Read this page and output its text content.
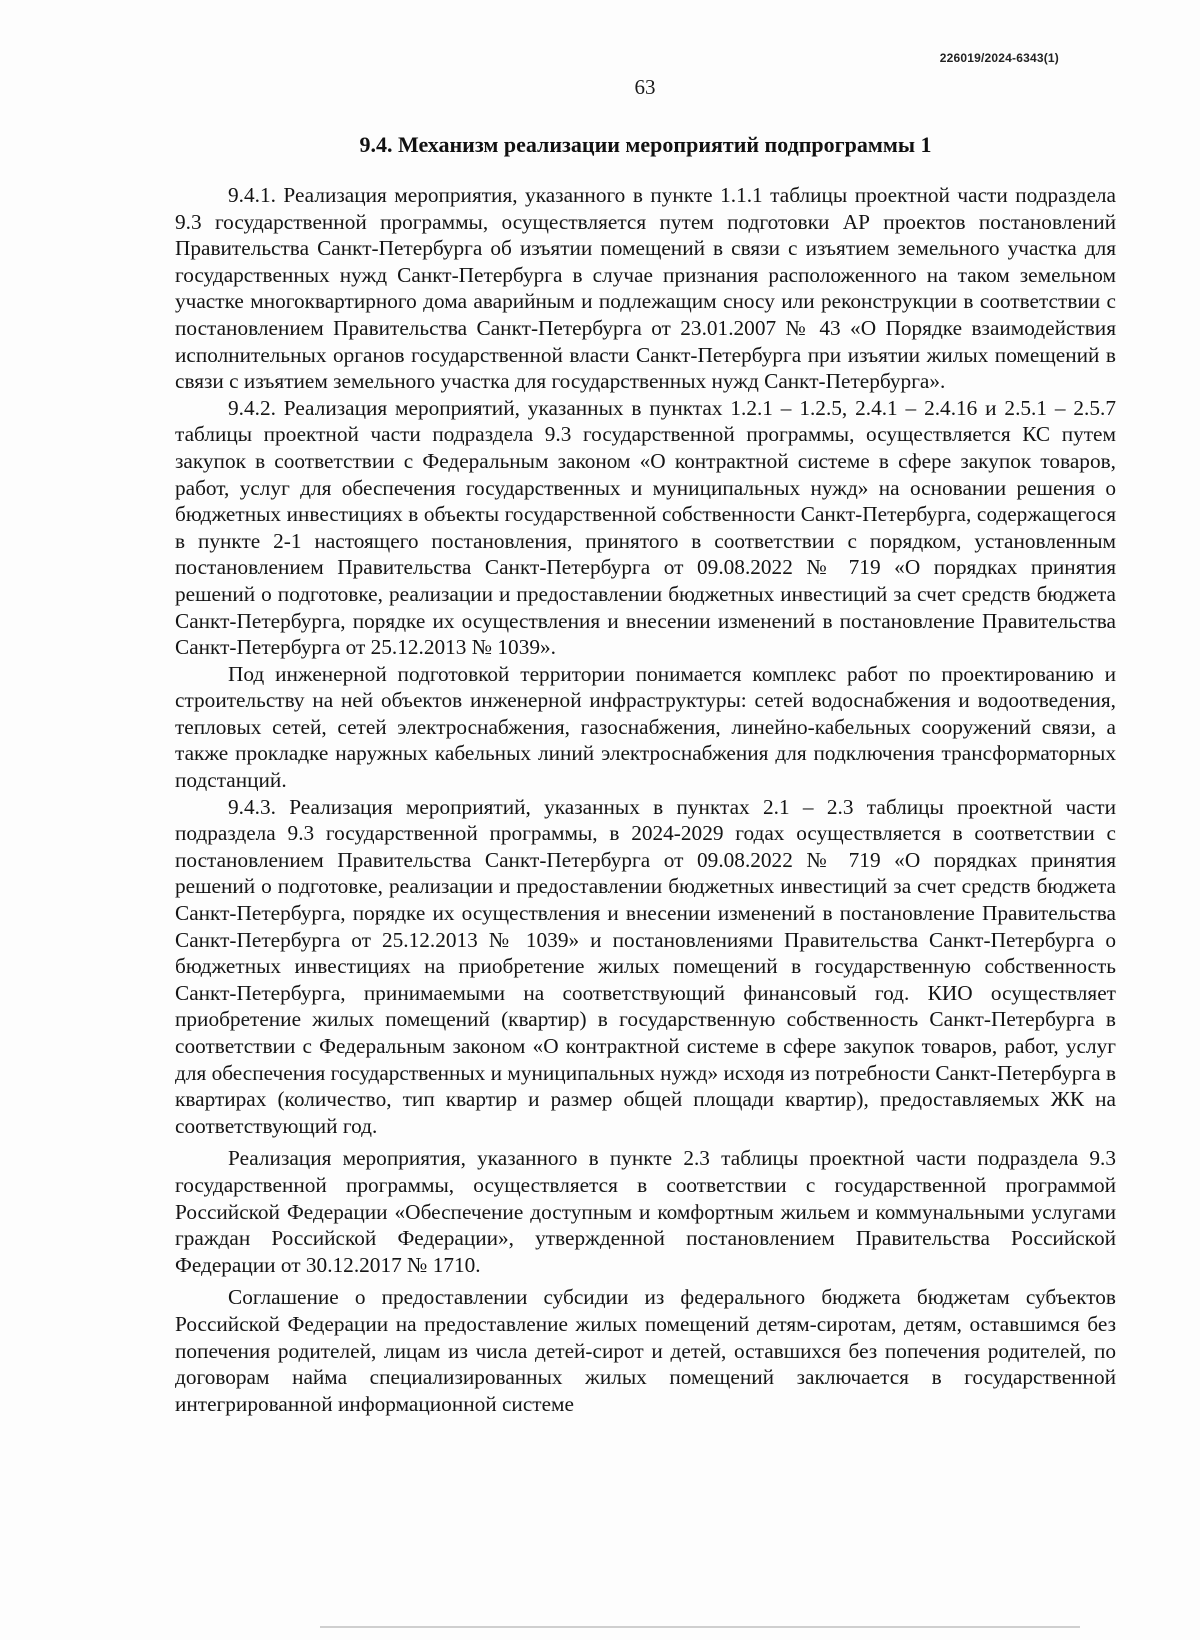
226019/2024-6343(1)
63
9.4. Механизм реализации мероприятий подпрограммы 1

9.4.1. Реализация мероприятия, указанного в пункте 1.1.1 таблицы проектной части подраздела 9.3 государственной программы, осуществляется путем подготовки АР проектов постановлений Правительства Санкт-Петербурга об изъятии помещений в связи с изъятием земельного участка для государственных нужд Санкт-Петербурга в случае признания расположенного на таком земельном участке многоквартирного дома аварийным и подлежащим сносу или реконструкции в соответствии с постановлением Правительства Санкт-Петербурга от 23.01.2007 № 43 «О Порядке взаимодействия исполнительных органов государственной власти Санкт-Петербурга при изъятии жилых помещений в связи с изъятием земельного участка для государственных нужд Санкт-Петербурга».

9.4.2. Реализация мероприятий, указанных в пунктах 1.2.1 – 1.2.5, 2.4.1 – 2.4.16 и 2.5.1 – 2.5.7 таблицы проектной части подраздела 9.3 государственной программы, осуществляется КС путем закупок в соответствии с Федеральным законом «О контрактной системе в сфере закупок товаров, работ, услуг для обеспечения государственных и муниципальных нужд» на основании решения о бюджетных инвестициях в объекты государственной собственности Санкт-Петербурга, содержащегося в пункте 2-1 настоящего постановления, принятого в соответствии с порядком, установленным постановлением Правительства Санкт-Петербурга от 09.08.2022 № 719 «О порядках принятия решений о подготовке, реализации и предоставлении бюджетных инвестиций за счет средств бюджета Санкт-Петербурга, порядке их осуществления и внесении изменений в постановление Правительства Санкт-Петербурга от 25.12.2013 № 1039».

Под инженерной подготовкой территории понимается комплекс работ по проектированию и строительству на ней объектов инженерной инфраструктуры: сетей водоснабжения и водоотведения, тепловых сетей, сетей электроснабжения, газоснабжения, линейно-кабельных сооружений связи, а также прокладке наружных кабельных линий электроснабжения для подключения трансформаторных подстанций.

9.4.3. Реализация мероприятий, указанных в пунктах 2.1 – 2.3 таблицы проектной части подраздела 9.3 государственной программы, в 2024-2029 годах осуществляется в соответствии с постановлением Правительства Санкт-Петербурга от 09.08.2022 № 719 «О порядках принятия решений о подготовке, реализации и предоставлении бюджетных инвестиций за счет средств бюджета Санкт-Петербурга, порядке их осуществления и внесении изменений в постановление Правительства Санкт-Петербурга от 25.12.2013 № 1039» и постановлениями Правительства Санкт-Петербурга о бюджетных инвестициях на приобретение жилых помещений в государственную собственность Санкт-Петербурга, принимаемыми на соответствующий финансовый год. КИО осуществляет приобретение жилых помещений (квартир) в государственную собственность Санкт-Петербурга в соответствии с Федеральным законом «О контрактной системе в сфере закупок товаров, работ, услуг для обеспечения государственных и муниципальных нужд» исходя из потребности Санкт-Петербурга в квартирах (количество, тип квартир и размер общей площади квартир), предоставляемых ЖК на соответствующий год.

Реализация мероприятия, указанного в пункте 2.3 таблицы проектной части подраздела 9.3 государственной программы, осуществляется в соответствии с государственной программой Российской Федерации «Обеспечение доступным и комфортным жильем и коммунальными услугами граждан Российской Федерации», утвержденной постановлением Правительства Российской Федерации от 30.12.2017 № 1710.

Соглашение о предоставлении субсидии из федерального бюджета бюджетам субъектов Российской Федерации на предоставление жилых помещений детям-сиротам, детям, оставшимся без попечения родителей, лицам из числа детей-сирот и детей, оставшихся без попечения родителей, по договорам найма специализированных жилых помещений заключается в государственной интегрированной информационной системе
